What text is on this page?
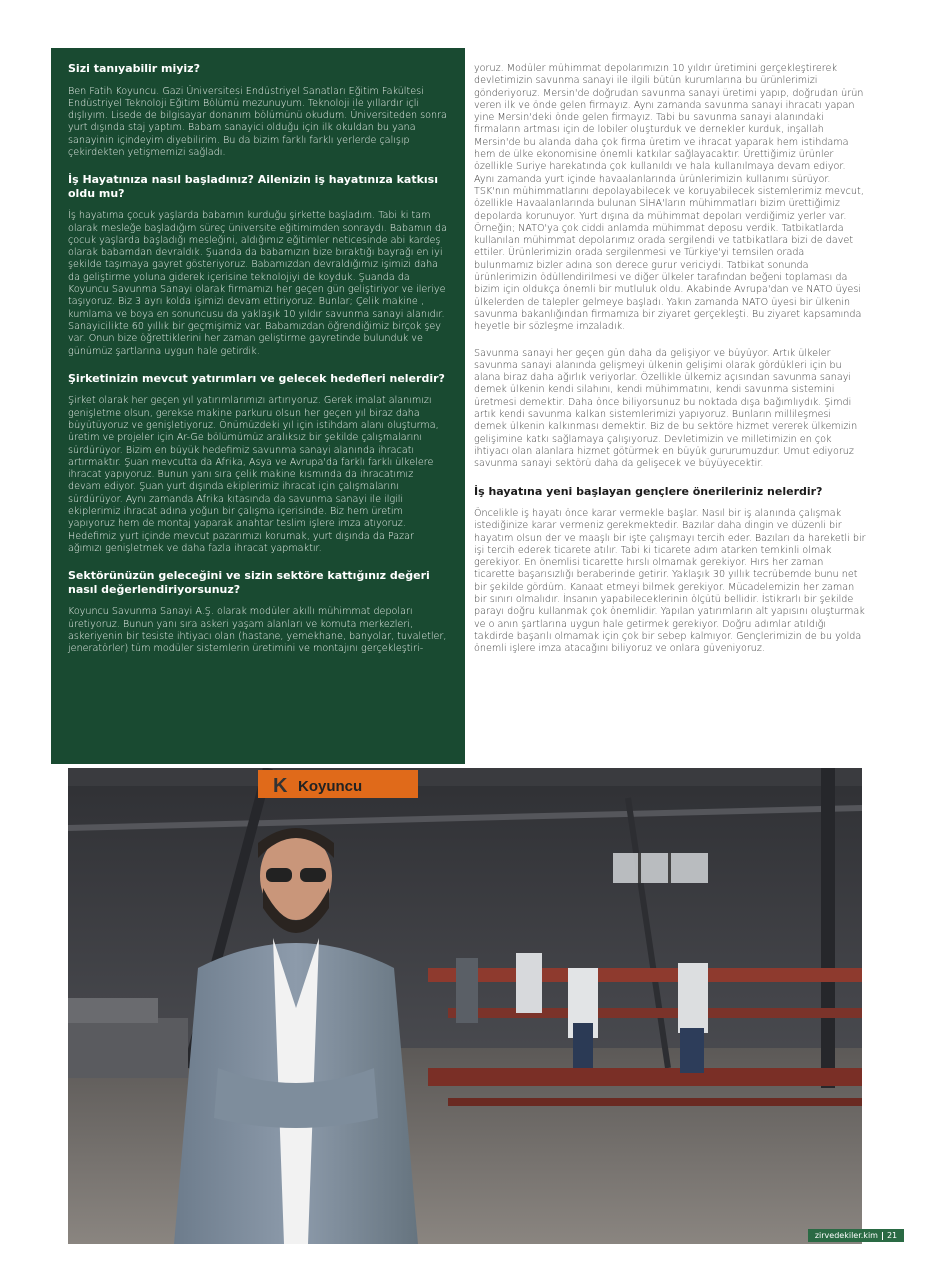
Sizi tanıyabilir miyiz?
Ben Fatih Koyuncu. Gazi Üniversitesi Endüstriyel Sanatları Eğitim Fakültesi Endüstriyel Teknoloji Eğitim Bölümü mezunuyum. Teknoloji ile yıllardır içli dışlıyım. Lisede de bilgisayar donanım bölümünü okudum. Üniversiteden sonra yurt dışında staj yaptım. Babam sanayici olduğu için ilk okuldan bu yana sanayinin içindeyim diyebilirim. Bu da bizim farklı farklı yerlerde çalışıp çekirdekten yetişmemizi sağladı.
İş Hayatınıza nasıl başladınız? Ailenizin iş hayatınıza katkısı oldu mu?
İş hayatıma çocuk yaşlarda babamın kurduğu şirkette başladım. Tabi ki tam olarak mesleğe başladığım süreç üniversite eğitimimden sonraydı. Babamın da çocuk yaşlarda başladığı mesleğini, aldığımız eğitimler neticesinde abi kardeş olarak babamdan devraldık. Şuanda da babamızın bize bıraktığı bayrağı en iyi şekilde taşımaya gayret gösteriyoruz. Babamızdan devraldığımız işimizi daha da geliştirme yoluna giderek içerisine teknolojiyi de koyduk. Şuanda da Koyuncu Savunma Sanayi olarak firmamızı her geçen gün geliştiriyor ve ileriye taşıyoruz. Biz 3 ayrı kolda işimizi devam ettiriyoruz. Bunlar; Çelik makine , kumlama ve boya en sonuncusu da yaklaşık 10 yıldır savunma sanayi alanıdır. Sanayicilikte 60 yıllık bir geçmişimiz var. Babamızdan öğrendiğimiz birçok şey var. Onun bize öğrettiklerini her zaman geliştirme gayretinde bulunduk ve günümüz şartlarına uygun hale getirdik.
Şirketinizin mevcut yatırımları ve gelecek hedefleri nelerdir?
Şirket olarak her geçen yıl yatırımlarımızı artırıyoruz. Gerek imalat alanımızı genişletme olsun, gerekse makine parkuru olsun her geçen yıl biraz daha büyütüyoruz ve genişletiyoruz. Önümüzdeki yıl için istihdam alanı oluşturma, üretim ve projeler için Ar-Ge bölümümüz aralıksız bir şekilde çalışmalarını sürdürüyor. Bizim en büyük hedefimiz savunma sanayi alanında ihracatı artırmaktır. Şuan mevcutta da Afrika, Asya ve Avrupa'da farklı farklı ülkelere ihracat yapıyoruz. Bunun yanı sıra çelik makine kısmında da ihracatımız devam ediyor. Şuan yurt dışında ekiplerimiz ihracat için çalışmalarını sürdürüyor. Aynı zamanda Afrika kıtasında da savunma sanayi ile ilgili ekiplerimiz ihracat adına yoğun bir çalışma içerisinde. Biz hem üretim yapıyoruz hem de montaj yaparak anahtar teslim işlere imza atıyoruz. Hedefimiz yurt içinde mevcut pazarımızı korumak, yurt dışında da Pazar ağımızı genişletmek ve daha fazla ihracat yapmaktır.
Sektörünüzün geleceğini ve sizin sektöre kattığınız değeri nasıl değerlendiriyorsunuz?
Koyuncu Savunma Sanayi A.Ş. olarak modüler akıllı mühimmat depoları üretiyoruz. Bunun yanı sıra askeri yaşam alanları ve komuta merkezleri, askeriyenin bir tesiste ihtiyacı olan (hastane, yemekhane, banyolar, tuvaletler, jeneratörler) tüm modüler sistemlerin üretimini ve montajını gerçekleştiri-
yoruz. Modüler mühimmat depolarımızın 10 yıldır üretimini gerçekleştirerek devletimizin savunma sanayi ile ilgili bütün kurumlarına bu ürünlerimizi gönderiyoruz. Mersin'de doğrudan savunma sanayi üretimi yapıp, doğrudan ürün veren ilk ve önde gelen firmayız. Aynı zamanda savunma sanayi ihracatı yapan yine Mersin'deki önde gelen firmayız. Tabi bu savunma sanayi alanındaki firmaların artması için de lobiler oluşturduk ve dernekler kurduk, inşallah Mersin'de bu alanda daha çok firma üretim ve ihracat yaparak hem istihdama hem de ülke ekonomisine önemli katkılar sağlayacaktır. Ürettiğimiz ürünler özellikle Suriye harekatında çok kullanıldı ve hala kullanılmaya devam ediyor. Aynı zamanda yurt içinde havaalanlarında ürünlerimizin kullanımı sürüyor. TSK'nın mühimmatlarını depolayabilecek ve koruyabilecek sistemlerimiz mevcut, özellikle Havaalanlarında bulunan SİHA'ların mühimmatları bizim ürettiğimiz depolarda korunuyor. Yurt dışına da mühimmat depoları verdiğimiz yerler var. Örneğin; NATO'ya çok ciddi anlamda mühimmat deposu verdik. Tatbikatlarda kullanılan mühimmat depolarımız orada sergilendi ve tatbikatlara bizi de davet ettiler. Ürünlerimizin orada sergilenmesi ve Türkiye'yi temsilen orada bulunmamız bizler adına son derece gurur vericiydi. Tatbikat sonunda ürünlerimizin ödüllendirilmesi ve diğer ülkeler tarafından beğeni toplaması da bizim için oldukça önemli bir mutluluk oldu. Akabinde Avrupa'dan ve NATO üyesi ülkelerden de talepler gelmeye başladı. Yakın zamanda NATO üyesi bir ülkenin savunma bakanlığından firmamıza bir ziyaret gerçekleşti. Bu ziyaret kapsamında heyetle bir sözleşme imzaladık.
Savunma sanayi her geçen gün daha da gelişiyor ve büyüyor. Artık ülkeler savunma sanayi alanında gelişmeyi ülkenin gelişimi olarak gördükleri için bu alana biraz daha ağırlık veriyorlar. Özellikle ülkemiz açısından savunma sanayi demek ülkenin kendi silahını, kendi mühimmatını, kendi savunma sistemini üretmesi demektir. Daha önce biliyorsunuz bu noktada dışa bağımlıydık. Şimdi artık kendi savunma kalkan sistemlerimizi yapıyoruz. Bunların millileşmesi demek ülkenin kalkınması demektir. Biz de bu sektöre hizmet vererek ülkemizin gelişimine katkı sağlamaya çalışıyoruz. Devletimizin ve milletimizin en çok ihtiyacı olan alanlara hizmet götürmek en büyük gururumuzdur. Umut ediyoruz savunma sanayi sektörü daha da gelişecek ve büyüyecektir.
İş hayatına yeni başlayan gençlere önerileriniz nelerdir?
Öncelikle iş hayatı önce karar vermekle başlar. Nasıl bir iş alanında çalışmak istediğinize karar vermeniz gerekmektedir. Bazılar daha dingin ve düzenli bir hayatım olsun der ve maaşlı bir işte çalışmayı tercih eder. Bazıları da hareketli bir işi tercih ederek ticarete atılır. Tabi ki ticarete adım atarken temkinli olmak gerekiyor. En önemlisi ticarette hırslı olmamak gerekiyor. Hırs her zaman ticarette başarısızlığı beraberinde getirir. Yaklaşık 30 yıllık tecrübemde bunu net bir şekilde gördüm. Kanaat etmeyi bilmek gerekiyor. Mücadelemizin her zaman bir sınırı olmalıdır. İnsanın yapabileceklerinin ölçütü bellidir. İstikrarlı bir şekilde parayı doğru kullanmak çok önemlidir. Yapılan yatırımların alt yapısını oluşturmak ve o anın şartlarına uygun hale getirmek gerekiyor. Doğru adımlar atıldığı takdirde başarılı olmamak için çok bir sebep kalmıyor. Gençlerimizin de bu yolda önemli işlere imza atacağını biliyoruz ve onlara güveniyoruz.
K Koyuncu
zirvedekiler.kim 21
